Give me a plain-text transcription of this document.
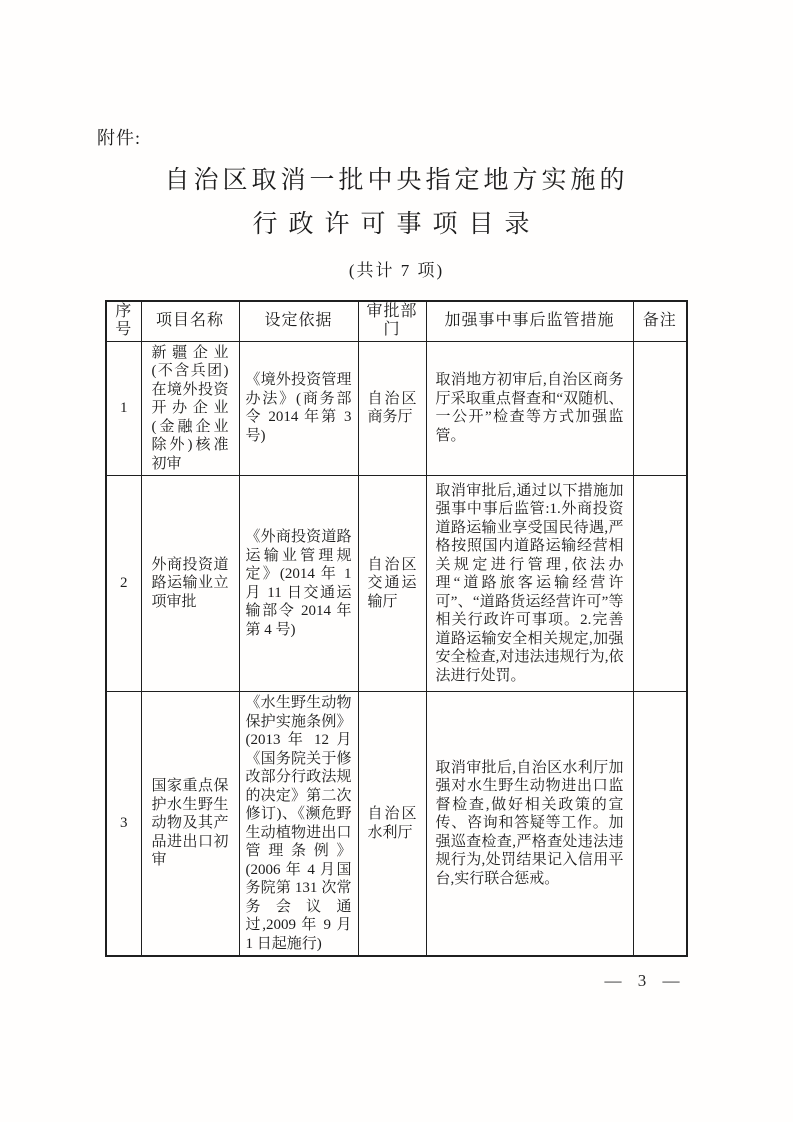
附件:
自治区取消一批中央指定地方实施的
行政许可事项目录
(共计 7 项)
序号	项目名称	设定依据	审批部门	加强事中事后监管措施	备注
1	新疆企业(不含兵团)在境外投资开办企业(金融企业除外)核准初审	《境外投资管理办法》(商务部令 2014 年第 3 号)	自治区商务厅	取消地方初审后,自治区商务厅采取重点督查和“双随机、一公开”检查等方式加强监管。	
2	外商投资道路运输业立项审批	《外商投资道路运输业管理规定》(2014 年 1 月 11 日交通运输部令 2014 年第 4 号)	自治区交通运输厅	取消审批后,通过以下措施加强事中事后监管:1.外商投资道路运输业享受国民待遇,严格按照国内道路运输经营相关规定进行管理,依法办理“道路旅客运输经营许可”、“道路货运经营许可”等相关行政许可事项。2.完善道路运输安全相关规定,加强安全检查,对违法违规行为,依法进行处罚。	
3	国家重点保护水生野生动物及其产品进出口初审	《水生野生动物保护实施条例》(2013 年 12 月《国务院关于修改部分行政法规的决定》第二次修订)、《濒危野生动植物进出口管理条例》(2006 年 4 月国务院第 131 次常务会议通过,2009 年 9 月 1 日起施行)	自治区水利厅	取消审批后,自治区水利厅加强对水生野生动物进出口监督检查,做好相关政策的宣传、咨询和答疑等工作。加强巡查检查,严格查处违法违规行为,处罚结果记入信用平台,实行联合惩戒。	
— 3 —
